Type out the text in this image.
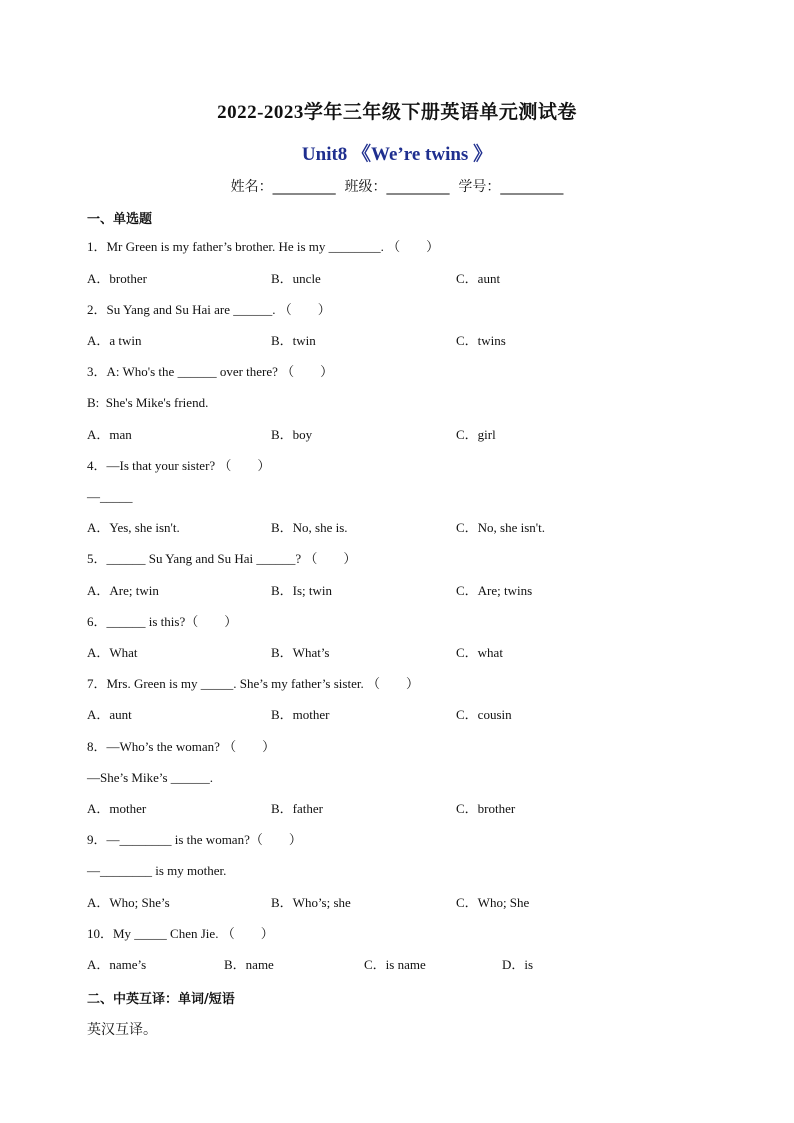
2022-2023学年三年级下册英语单元测试卷
Unit8 《We’re twins 》
姓名：_________  班级：_________  学号：_________
一、单选题
1．Mr Green is my father’s brother. He is my ________. （        ）
A．brother	B．uncle	C．aunt
2．Su Yang and Su Hai are ______. （        ）
A．a twin	B．twin	C．twins
3．A: Who's the ______ over there? （        ）
B:  She's Mike's friend.
A．man	B．boy	C．girl
4．—Is that your sister? （        ）
—_____
A．Yes, she isn't.	B．No, she is.	C．No, she isn't.
5．______ Su Yang and Su Hai ______? （        ）
A．Are; twin	B．Is; twin	C．Are; twins
6．______ is this?（        ）
A．What	B．What’s	C．what
7．Mrs. Green is my _____. She’s my father’s sister. （        ）
A．aunt	B．mother	C．cousin
8．—Who’s the woman? （        ）
—She’s Mike’s ______.
A．mother	B．father	C．brother
9．—________ is the woman?（        ）
—________ is my mother.
A．Who; She’s	B．Who’s; she	C．Who; She
10．My _____ Chen Jie. （        ）
A．name’s	B．name	C．is name	D．is
二、中英互译：单词/短语
英汉互译。
